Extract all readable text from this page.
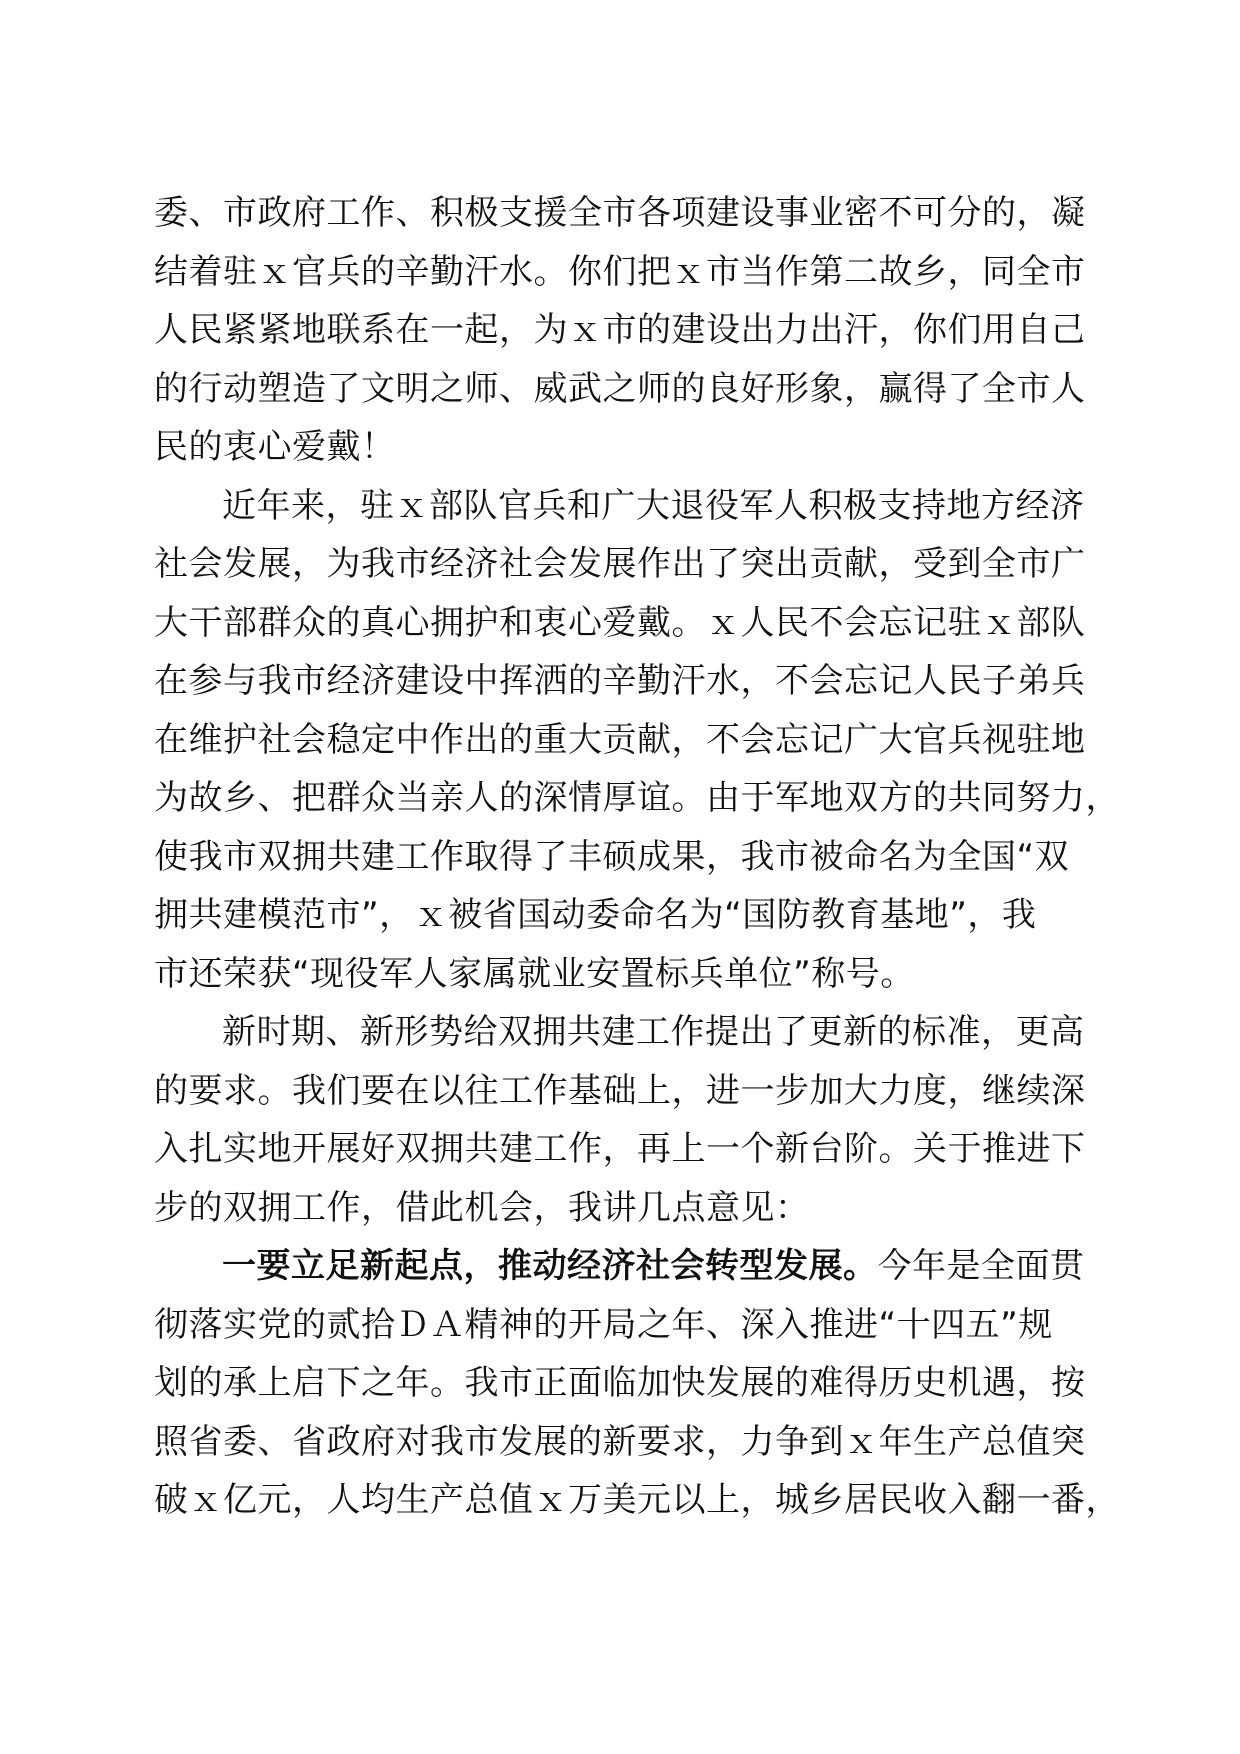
委、市政府工作、积极支援全市各项建设事业密不可分的，凝
结着驻ｘ官兵的辛勤汗水。你们把ｘ市当作第二故乡，同全市
人民紧紧地联系在一起，为ｘ市的建设出力出汗，你们用自己
的行动塑造了文明之师、威武之师的良好形象，赢得了全市人
民的衷心爱戴！
近年来，驻ｘ部队官兵和广大退役军人积极支持地方经济
社会发展，为我市经济社会发展作出了突出贡献，受到全市广
大干部群众的真心拥护和衷心爱戴。ｘ人民不会忘记驻ｘ部队
在参与我市经济建设中挥洒的辛勤汗水，不会忘记人民子弟兵
在维护社会稳定中作出的重大贡献，不会忘记广大官兵视驻地
为故乡、把群众当亲人的深情厚谊。由于军地双方的共同努力，
使我市双拥共建工作取得了丰硕成果，我市被命名为全国“双
拥共建模范市”，ｘ被省国动委命名为“国防教育基地”，我
市还荣获“现役军人家属就业安置标兵单位”称号。
新时期、新形势给双拥共建工作提出了更新的标准，更高
的要求。我们要在以往工作基础上，进一步加大力度，继续深
入扎实地开展好双拥共建工作，再上一个新台阶。关于推进下
步的双拥工作，借此机会，我讲几点意见：
一要立足新起点，推动经济社会转型发展。今年是全面贯
彻落实党的贰拾ＤＡ精神的开局之年、深入推进“十四五”规
划的承上启下之年。我市正面临加快发展的难得历史机遇，按
照省委、省政府对我市发展的新要求，力争到ｘ年生产总值突
破ｘ亿元，人均生产总值ｘ万美元以上，城乡居民收入翻一番，
